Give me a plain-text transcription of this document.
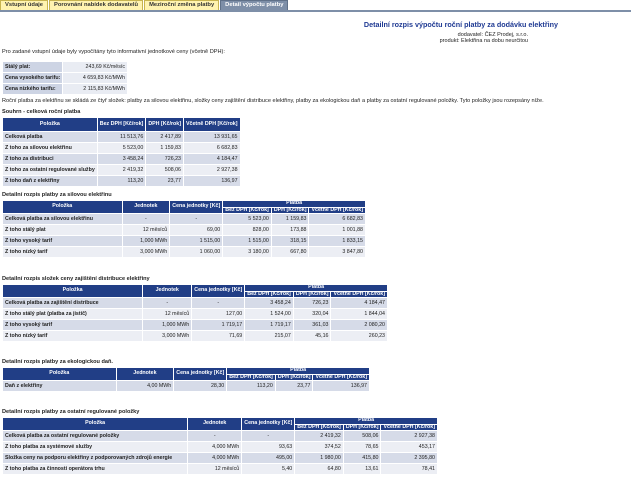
Vstupní údaje	Porovnání nabídek dodavatelů	Meziroční změna platby	Detail výpočtu platby
Detailní rozpis výpočtu roční platby za dodávku elektřiny
dodavatel: ČEZ Prodej, s.r.o.
produkt: Elektřina na dobu neurčitou
Pro zadané vstupní údaje byly vypočítány tyto informativní jednotkové ceny (včetně DPH):
Stálý plat:	243,69 Kč/měsíc
Cena vysokého tarifu:	4 659,83 Kč/MWh
Cena nízkého tarifu:	2 115,83 Kč/MWh
Roční platba za elektřinu se skládá ze čtyř složek: platby za silovou elektřinu, složky ceny zajištění distribuce elektřiny, platby za ekologickou daň a platby za ostatní regulované položky. Tyto položky jsou rozepsány níže.
Souhrn - celková roční platba
Položka	Bez DPH [Kč/rok]	DPH [Kč/rok]	Včetně DPH [Kč/rok]
Celková platba	11 513,76	2 417,89	13 931,65
Z toho za silovou elektřinu	5 523,00	1 159,83	6 682,83
Z toho za distribuci	3 458,24	726,23	4 184,47
Z toho za ostatní regulované služby	2 419,32	508,06	2 927,38
Z toho daň z elektřiny	113,20	23,77	136,97
Detailní rozpis platby za silovou elektřinu
Položka	Jednotek	Cena jednotky [Kč]	Platba		
			Bez DPH [Kč/rok]	DPH [Kč/rok]	Včetně DPH [Kč/rok]
Celková platba za silovou elektřinu	-	-	5 523,00	1 159,83	6 682,83
Z toho stálý plat	12 měsíců	69,00	828,00	173,88	1 001,88
Z toho vysoký tarif	1,000 MWh	1 515,00	1 515,00	318,15	1 833,15
Z toho nízký tarif	3,000 MWh	1 060,00	3 180,00	667,80	3 847,80
Detailní rozpis složek ceny zajištění distribuce elektřiny
Položka	Jednotek	Cena jednotky [Kč]	Platba		
			Bez DPH [Kč/rok]	DPH [Kč/rok]	Včetně DPH [Kč/rok]
Celková platba za zajištění distribuce	-	-	3 458,24	726,23	4 184,47
Z toho stálý plat (platba za jistič)	12 měsíců	127,00	1 524,00	320,04	1 844,04
Z toho vysoký tarif	1,000 MWh	1 719,17	1 719,17	361,03	2 080,20
Z toho nízký tarif	3,000 MWh	71,69	215,07	45,16	260,23
Detailní rozpis platby za ekologickou daň.
Položka	Jednotek	Cena jednotky [Kč]	Platba		
			Bez DPH [Kč/rok]	DPH [Kč/rok]	Včetně DPH [Kč/rok]
Daň z elektřiny	4,00 MWh	28,30	113,20	23,77	136,97
Detailní rozpis platby za ostatní regulované položky
Položka	Jednotek	Cena jednotky [Kč]	Platba		
			Bez DPH [Kč/rok]	DPH [Kč/rok]	Včetně DPH [Kč/rok]
Celková platba za ostatní regulované položky	-	-	2 419,32	508,06	2 927,38
Z toho platba za systémové služby	4,000 MWh	93,63	374,52	78,65	453,17
Složka ceny na podporu elektřiny z podporovaných zdrojů energie	4,000 MWh	495,00	1 980,00	415,80	2 395,80
Z toho platba za činnosti operátora trhu	12 měsíců	5,40	64,80	13,61	78,41
